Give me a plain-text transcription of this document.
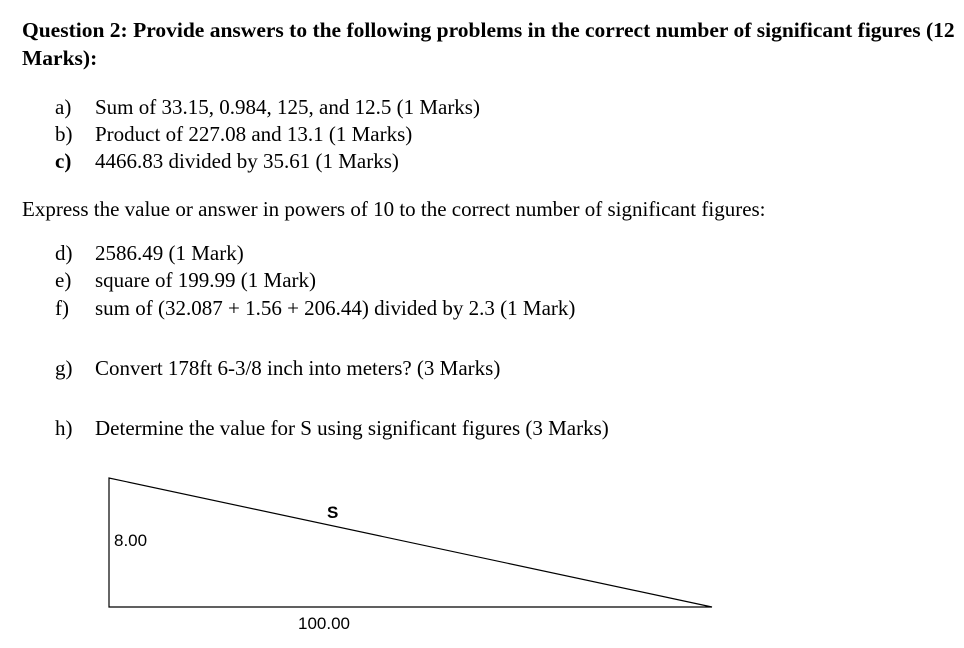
Question 2: Provide answers to the following problems in the correct number of significant figures (12 Marks):
a) Sum of 33.15, 0.984, 125, and 12.5 (1 Marks)
b) Product of 227.08 and 13.1 (1 Marks)
c) 4466.83 divided by 35.61 (1 Marks)
Express the value or answer in powers of 10 to the correct number of significant figures:
d) 2586.49 (1 Mark)
e) square of 199.99 (1 Mark)
f) sum of (32.087 + 1.56 + 206.44) divided by 2.3 (1 Mark)
g) Convert 178ft 6-3/8 inch into meters? (3 Marks)
h) Determine the value for S using significant figures (3 Marks)
S
8.00
100.00
